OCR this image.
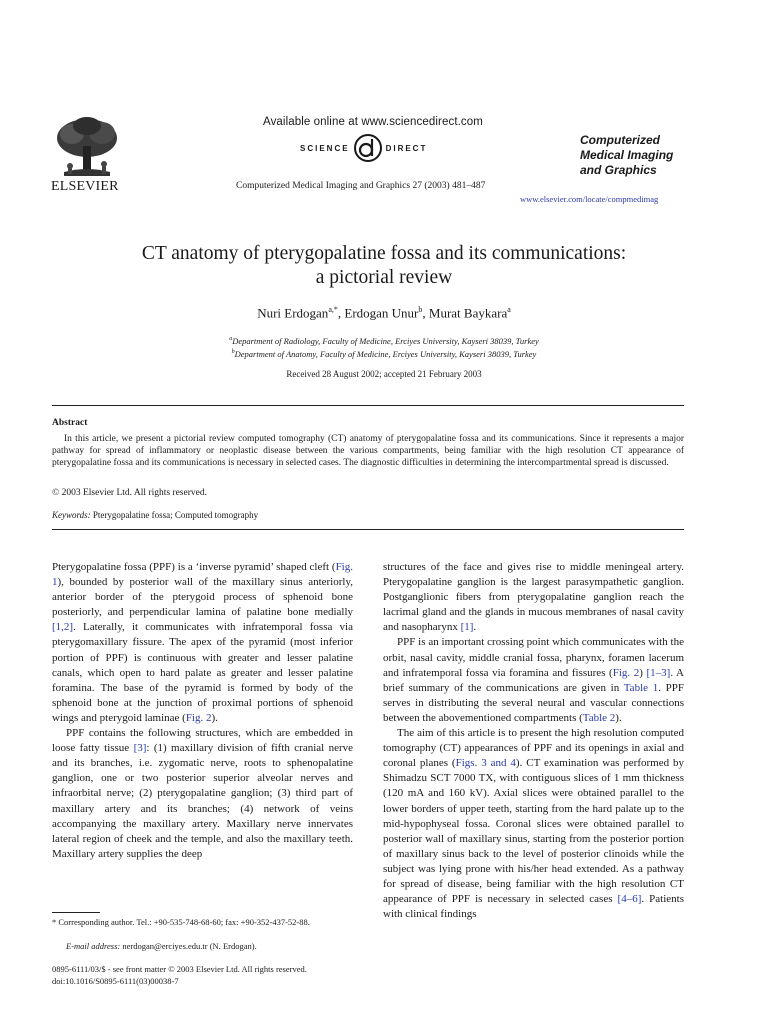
ELSEVIER
Available online at www.sciencedirect.com
SCIENCE	DIRECT
Computerized Medical Imaging and Graphics 27 (2003) 481–487
Computerized
Medical Imaging
and Graphics
www.elsevier.com/locate/compmedimag
CT anatomy of pterygopalatine fossa and its communications:
a pictorial review
Nuri Erdogan$^{a,*}$, Erdogan Unur$^b$, Murat Baykara$^a$
$^a$Department of Radiology, Faculty of Medicine, Erciyes University, Kayseri 38039, Turkey
$^b$Department of Anatomy, Faculty of Medicine, Erciyes University, Kayseri 38039, Turkey
Received 28 August 2002; accepted 21 February 2003
Abstract

In this article, we present a pictorial review computed tomography (CT) anatomy of pterygopalatine fossa and its communications. Since it represents a major pathway for spread of inflammatory or neoplastic disease between the various compartments, being familiar with the high resolution CT appearance of pterygopalatine fossa and its communications is necessary in selected cases. The diagnostic difficulties in determining the intercompartmental spread is discussed.

© 2003 Elsevier Ltd. All rights reserved.
Keywords: Pterygopalatine fossa; Computed tomography

Pterygopalatine fossa (PPF) is a ‘inverse pyramid’ shaped cleft (Fig. 1), bounded by posterior wall of the maxillary sinus anteriorly, anterior border of the pterygoid process of sphenoid bone posteriorly, and perpendicular lamina of palatine bone medially [1,2]. Laterally, it communicates with infratemporal fossa via pterygomaxillary fissure. The apex of the pyramid (most inferior portion of PPF) is continuous with greater and lesser palatine canals, which open to hard palate as greater and lesser palatine foramina. The base of the pyramid is formed by body of the sphenoid bone at the junction of proximal portions of sphenoid wings and pterygoid laminae (Fig. 2).

PPF contains the following structures, which are embedded in loose fatty tissue [3]: (1) maxillary division of fifth cranial nerve and its branches, i.e. zygomatic nerve, roots to sphenopalatine ganglion, one or two posterior superior alveolar nerves and infraorbital nerve; (2) pterygopalatine ganglion; (3) third part of maxillary artery and its branches; (4) network of veins accompanying the maxillary artery. Maxillary nerve innervates lateral region of cheek and the temple, and also the maxillary teeth. Maxillary artery supplies the deep

structures of the face and gives rise to middle meningeal artery. Pterygopalatine ganglion is the largest parasympathetic ganglion. Postganglionic fibers from pterygopalatine ganglion reach the lacrimal gland and the glands in mucous membranes of nasal cavity and nasopharynx [1].

PPF is an important crossing point which communicates with the orbit, nasal cavity, middle cranial fossa, pharynx, foramen lacerum and infratemporal fossa via foramina and fissures (Fig. 2) [1–3]. A brief summary of the communications are given in Table 1. PPF serves in distributing the several neural and vascular connections between the abovementioned compartments (Table 2).

The aim of this article is to present the high resolution computed tomography (CT) appearances of PPF and its openings in axial and coronal planes (Figs. 3 and 4). CT examination was performed by Shimadzu SCT 7000 TX, with contiguous slices of 1 mm thickness (120 mA and 160 kV). Axial slices were obtained parallel to the lower borders of upper teeth, starting from the hard palate up to the mid-hypophyseal fossa. Coronal slices were obtained parallel to posterior wall of maxillary sinus, starting from the posterior portion of maxillary sinus back to the level of posterior clinoids while the subject was lying prone with his/her head extended. As a pathway for spread of disease, being familiar with the high resolution CT appearance of PPF is necessary in selected cases [4–6]. Patients with clinical findings

* Corresponding author. Tel.: +90-535-748-68-60; fax: +90-352-437-52-88.
E-mail address: nerdogan@erciyes.edu.tr (N. Erdogan).
0895-6111/03/$ - see front matter © 2003 Elsevier Ltd. All rights reserved.
doi:10.1016/S0895-6111(03)00038-7
